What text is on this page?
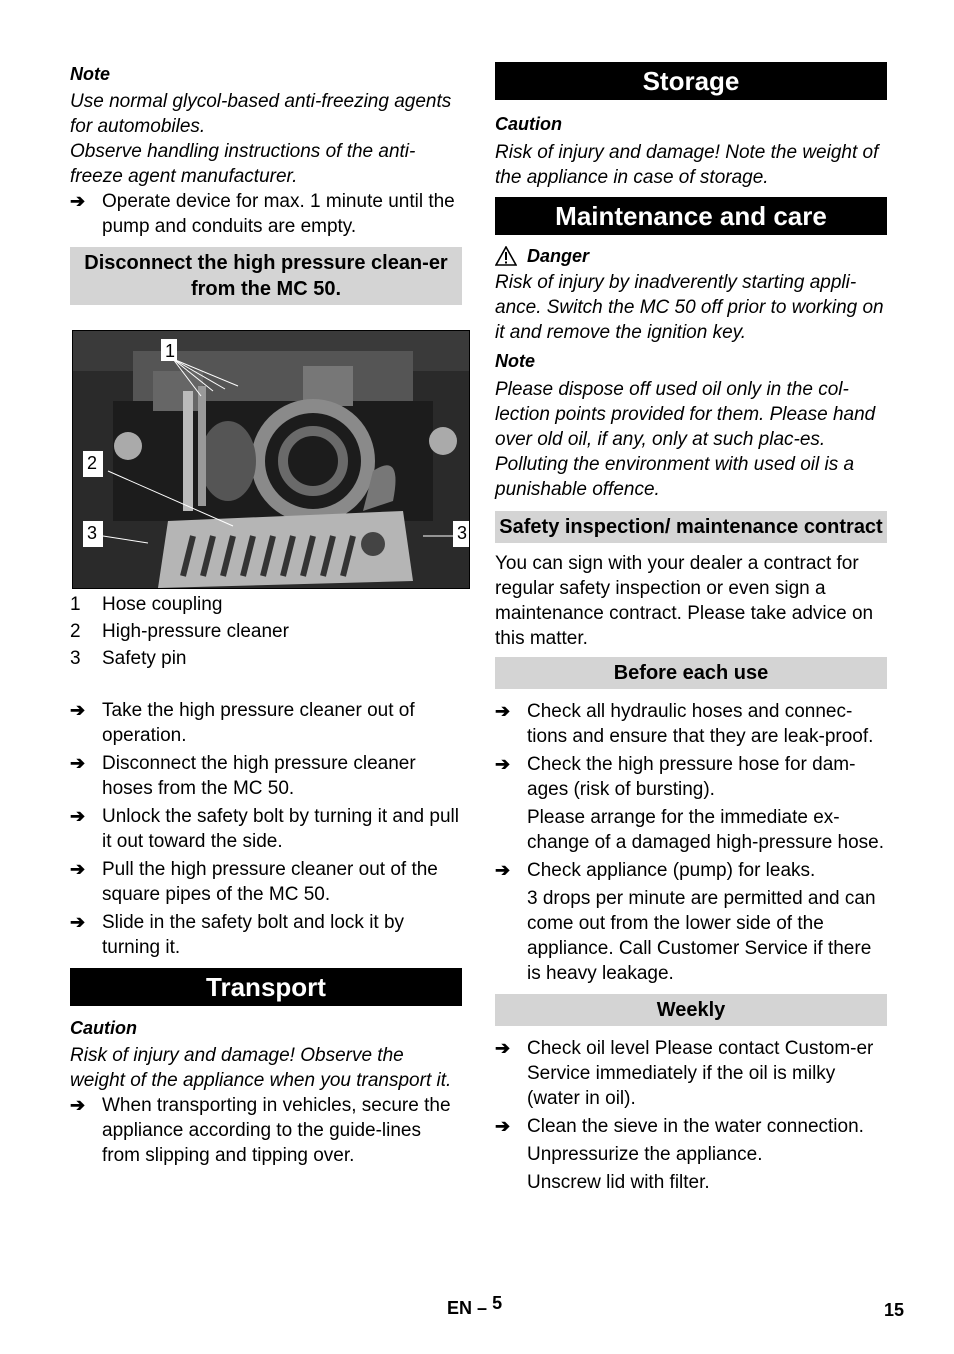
Note
Use normal glycol-based anti-freezing agents for automobiles.
Observe handling instructions of the anti-freeze agent manufacturer.
➔ Operate device for max. 1 minute until the pump and conduits are empty.
Disconnect the high pressure clean-er from the MC 50.
1
2
3	3
1	Hose coupling
2	High-pressure cleaner
3	Safety pin
➔ Take the high pressure cleaner out of operation.
➔ Disconnect the high pressure cleaner hoses from the MC 50.
➔ Unlock the safety bolt by turning it and pull it out toward the side.
➔ Pull the high pressure cleaner out of the square pipes of the MC 50.
➔ Slide in the safety bolt and lock it by turning it.
Transport
Caution
Risk of injury and damage! Observe the weight of the appliance when you transport it.
➔ When transporting in vehicles, secure the appliance according to the guide-lines from slipping and tipping over.
Storage
Caution
Risk of injury and damage! Note the weight of the appliance in case of storage.
Maintenance and care
Danger
Risk of injury by inadverently starting appli-ance. Switch the MC 50 off prior to working on it and remove the ignition key.
Note
Please dispose off used oil only in the col-lection points provided for them. Please hand over old oil, if any, only at such plac-es. Polluting the environment with used oil is a punishable offence.
Safety inspection/ maintenance contract
You can sign with your dealer a contract for regular safety inspection or even sign a maintenance contract. Please take advice on this matter.
Before each use
➔ Check all hydraulic hoses and connec-tions and ensure that they are leak-proof.
➔ Check the high pressure hose for dam-ages (risk of bursting).
Please arrange for the immediate ex-change of a damaged high-pressure hose.
➔ Check appliance (pump) for leaks.
3 drops per minute are permitted and can come out from the lower side of the appliance. Call Customer Service if there is heavy leakage.
Weekly
➔ Check oil level Please contact Custom-er Service immediately if the oil is milky (water in oil).
➔ Clean the sieve in the water connection.
Unpressurize the appliance.
Unscrew lid with filter.
EN – 5	15
